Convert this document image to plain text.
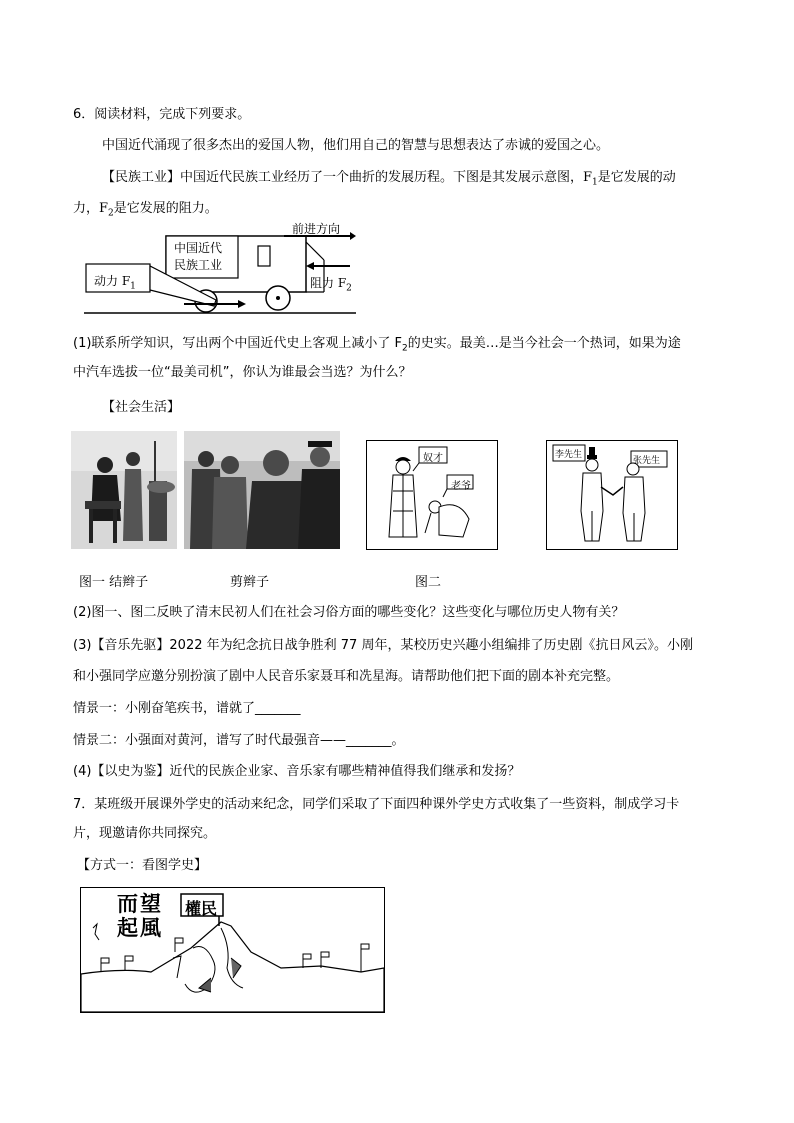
6．阅读材料，完成下列要求。
中国近代涌现了很多杰出的爱国人物，他们用自己的智慧与思想表达了赤诚的爱国之心。
【民族工业】中国近代民族工业经历了一个曲折的发展历程。下图是其发展示意图，$F_1$是它发展的动
力，$F_2$是它发展的阻力。
中国近代
民族工业
前进方向
动力 $F_1$	阻力 $F_2$
(1)联系所学知识，写出两个中国近代史上客观上减小了 $F_2$的史实。最美…是当今社会一个热词，如果为途
中汽车选拔一位“最美司机”，你认为谁最会当选？为什么？
【社会生活】
奴才
老爷
李先生
张先生
图一 结辫子	剪辫子	图二
(2)图一、图二反映了清末民初人们在社会习俗方面的哪些变化？这些变化与哪位历史人物有关？
(3)【音乐先驱】2022 年为纪念抗日战争胜利 77 周年，某校历史兴趣小组编排了历史剧《抗日风云》。小刚
和小强同学应邀分别扮演了剧中人民音乐家聂耳和冼星海。请帮助他们把下面的剧本补充完整。
情景一：小刚奋笔疾书，谱就了_______
情景二：小强面对黄河，谱写了时代最强音——_______。
(4)【以史为鉴】近代的民族企业家、音乐家有哪些精神值得我们继承和发扬？
7．某班级开展课外学史的活动来纪念，同学们采取了下面四种课外学史方式收集了一些资料，制成学习卡
片，现邀请你共同探究。
【方式一：看图学史】
而望
起風
權民
